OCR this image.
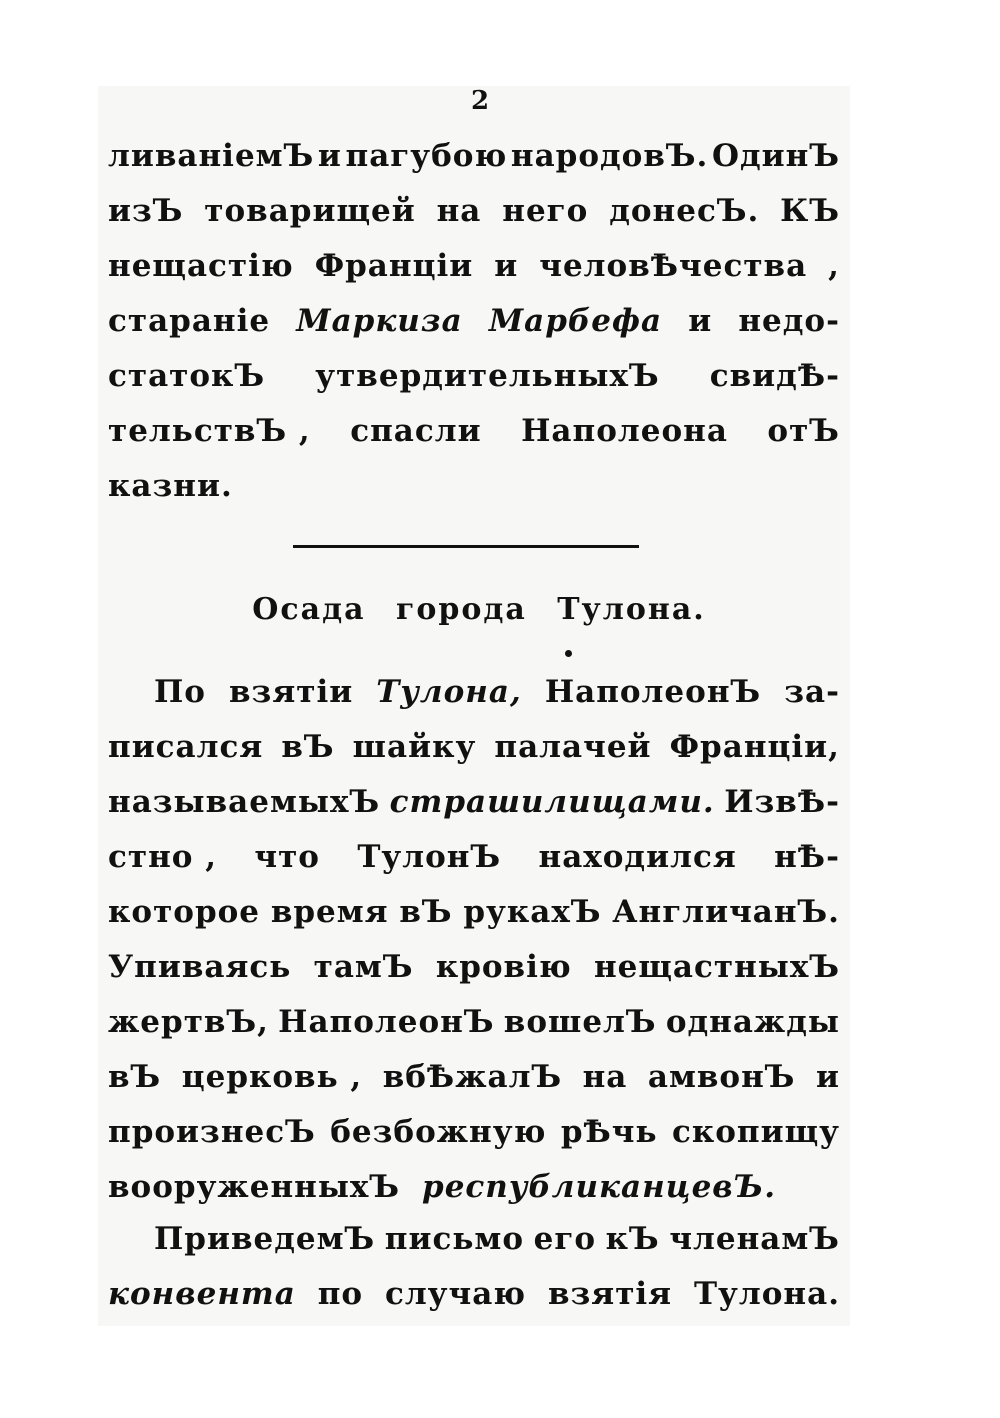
2
ливаніемЪ и пагубою народовЪ. ОдинЪ
изЪ товарищей на него донесЪ. КЪ
нещастію Франціи и человѢчества ,
стараніе Маркиза Марбефа и недо-
статокЪ утвердительныхЪ свидѢ-
тельствЪ , спасли Наполеона отЪ
казни.
Осада города Тулона.
По взятіи Тулона, НаполеонЪ за-
писался вЪ шайку палачей Франціи,
называемыхЪ страшилищами. ИзвѢ-
стно , что ТулонЪ находился нѢ-
которое время вЪ рукахЪ АнгличанЪ.
Упиваясь тамЪ кровію нещастныхЪ
жертвЪ, НаполеонЪ вошелЪ однажды
вЪ церковь , вбѢжалЪ на амвонЪ и
произнесЪ безбожную рѢчь скопищу
вооруженныхЪ республиканцевЪ.
ПриведемЪ письмо его кЪ членамЪ
конвента по случаю взятія Тулона.
